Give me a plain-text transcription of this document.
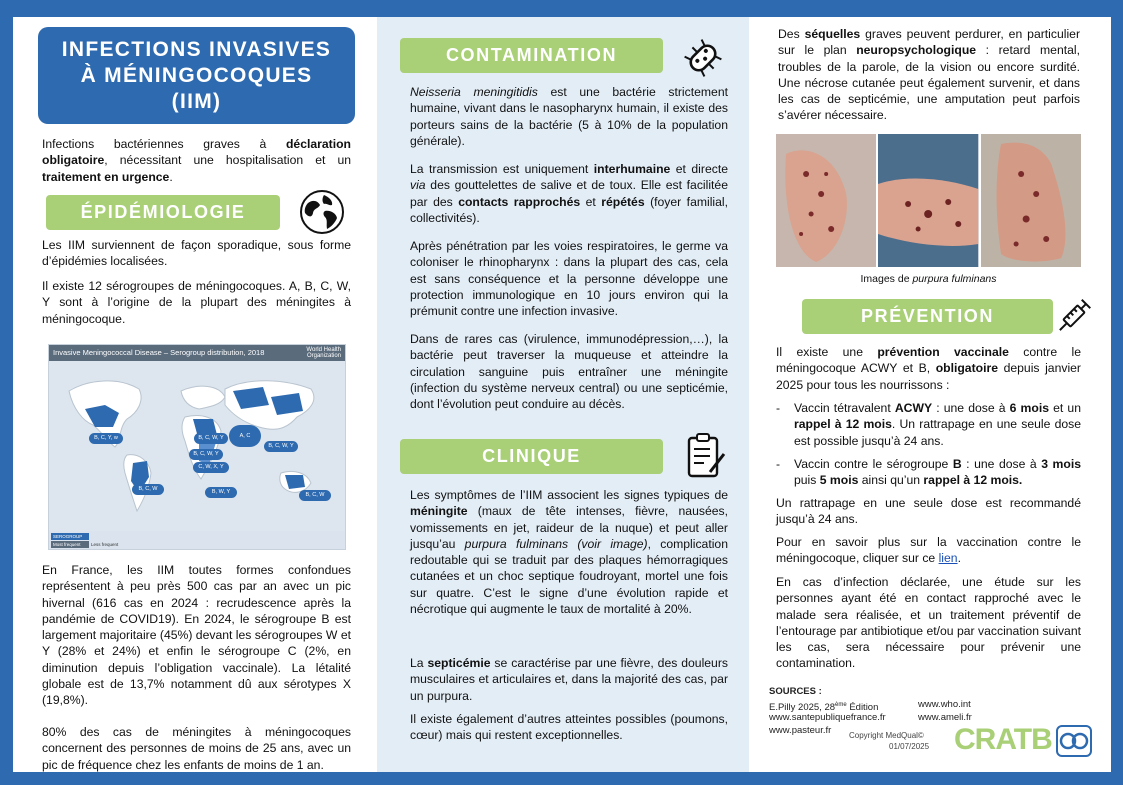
INFECTIONS INVASIVES
À MÉNINGOCOQUES
(IIM)
Infections bactériennes graves à déclaration obligatoire, nécessitant une hospitalisation et un traitement en urgence.
ÉPIDÉMIOLOGIE
Les IIM surviennent de façon sporadique, sous forme d’épidémies localisées.
Il existe 12 sérogroupes de méningocoques. A, B, C, W, Y sont à l’origine de la plupart des méningites à méningocoque.
Invasive Meningococcal Disease – Serogroup distribution, 2018	World Health Organization
B, C, Y, w	B, C, W, Y	A, C
B, C, W, Y
B, C, W, Y
C, W, X, Y
B, C, W	B, W, Y	B, C, W
SEROGROUP
Most frequent	Less frequent
En France, les IIM toutes formes confondues représentent à peu près 500 cas par an avec un pic hivernal (616 cas en 2024 : recrudescence après la pandémie de COVID19). En 2024, le sérogroupe B est largement majoritaire (45%) devant les sérogroupes W et Y (28% et 24%) et enfin le sérogroupe C (2%, en diminution depuis l’obligation vaccinale). La létalité globale est de 13,7% notamment dû aux sérotypes X (19,8%).
80% des cas de méningites à méningocoques concernent des personnes de moins de 25 ans, avec un pic de fréquence chez les enfants de moins de 1 an.
CONTAMINATION
Neisseria meningitidis est une bactérie strictement humaine, vivant dans le nasopharynx humain, il existe des porteurs sains de la bactérie (5 à 10% de la population générale).
La transmission est uniquement interhumaine et directe via des gouttelettes de salive et de toux. Elle est facilitée par des contacts rapprochés et répétés (foyer familial, collectivités).
Après pénétration par les voies respiratoires, le germe va coloniser le rhinopharynx : dans la plupart des cas, cela est sans conséquence et la personne développe une protection immunologique en 10 jours environ qui la prémunit contre une infection invasive.
Dans de rares cas (virulence, immunodépression,…), la bactérie peut traverser la muqueuse et atteindre la circulation sanguine puis entraîner une méningite (infection du système nerveux central) ou une septicémie, dont l’évolution peut conduire au décès.
CLINIQUE
Les symptômes de l’IIM associent les signes typiques de méningite (maux de tête intenses, fièvre, nausées, vomissements en jet, raideur de la nuque) et peut aller jusqu’au purpura fulminans (voir image), complication redoutable qui se traduit par des plaques hémorragiques cutanées et un choc septique foudroyant, mortel une fois sur quatre. C’est le signe d’une évolution rapide et nécrotique qui augmente le taux de mortalité à 20%.
La septicémie se caractérise par une fièvre, des douleurs musculaires et articulaires et, dans la majorité des cas, par un purpura.
Il existe également d’autres atteintes possibles (poumons, cœur) mais qui restent exceptionnelles.
Des séquelles graves peuvent perdurer, en particulier sur le plan neuropsychologique : retard mental, troubles de la parole, de la vision ou encore surdité. Une nécrose cutanée peut également survenir, et dans les cas de septicémie, une amputation peut parfois s’avérer nécessaire.
Images de purpura fulminans
PRÉVENTION
Il existe une prévention vaccinale contre le méningocoque ACWY et B, obligatoire depuis janvier 2025 pour tous les nourrissons :
- Vaccin tétravalent ACWY : une dose à 6 mois et un rappel à 12 mois. Un rattrapage en une seule dose est possible jusqu’à 24 ans.
- Vaccin contre le sérogroupe B : une dose à 3 mois puis 5 mois ainsi qu’un rappel à 12 mois.
Un rattrapage en une seule dose est recommandé jusqu’à 24 ans.
Pour en savoir plus sur la vaccination contre le méningocoque, cliquer sur ce lien.
En cas d’infection déclarée, une étude sur les personnes ayant été en contact rapproché avec le malade sera réalisée, et un traitement préventif de l’entourage par antibiotique et/ou par vaccination suivant les cas, sera nécessaire pour prévenir une contamination.
SOURCES :
E.Pilly 2025, 28ème Édition	www.who.int
www.santepubliquefrance.fr	www.ameli.fr
www.pasteur.fr Copyright MedQual©
01/07/2025 CRATB
